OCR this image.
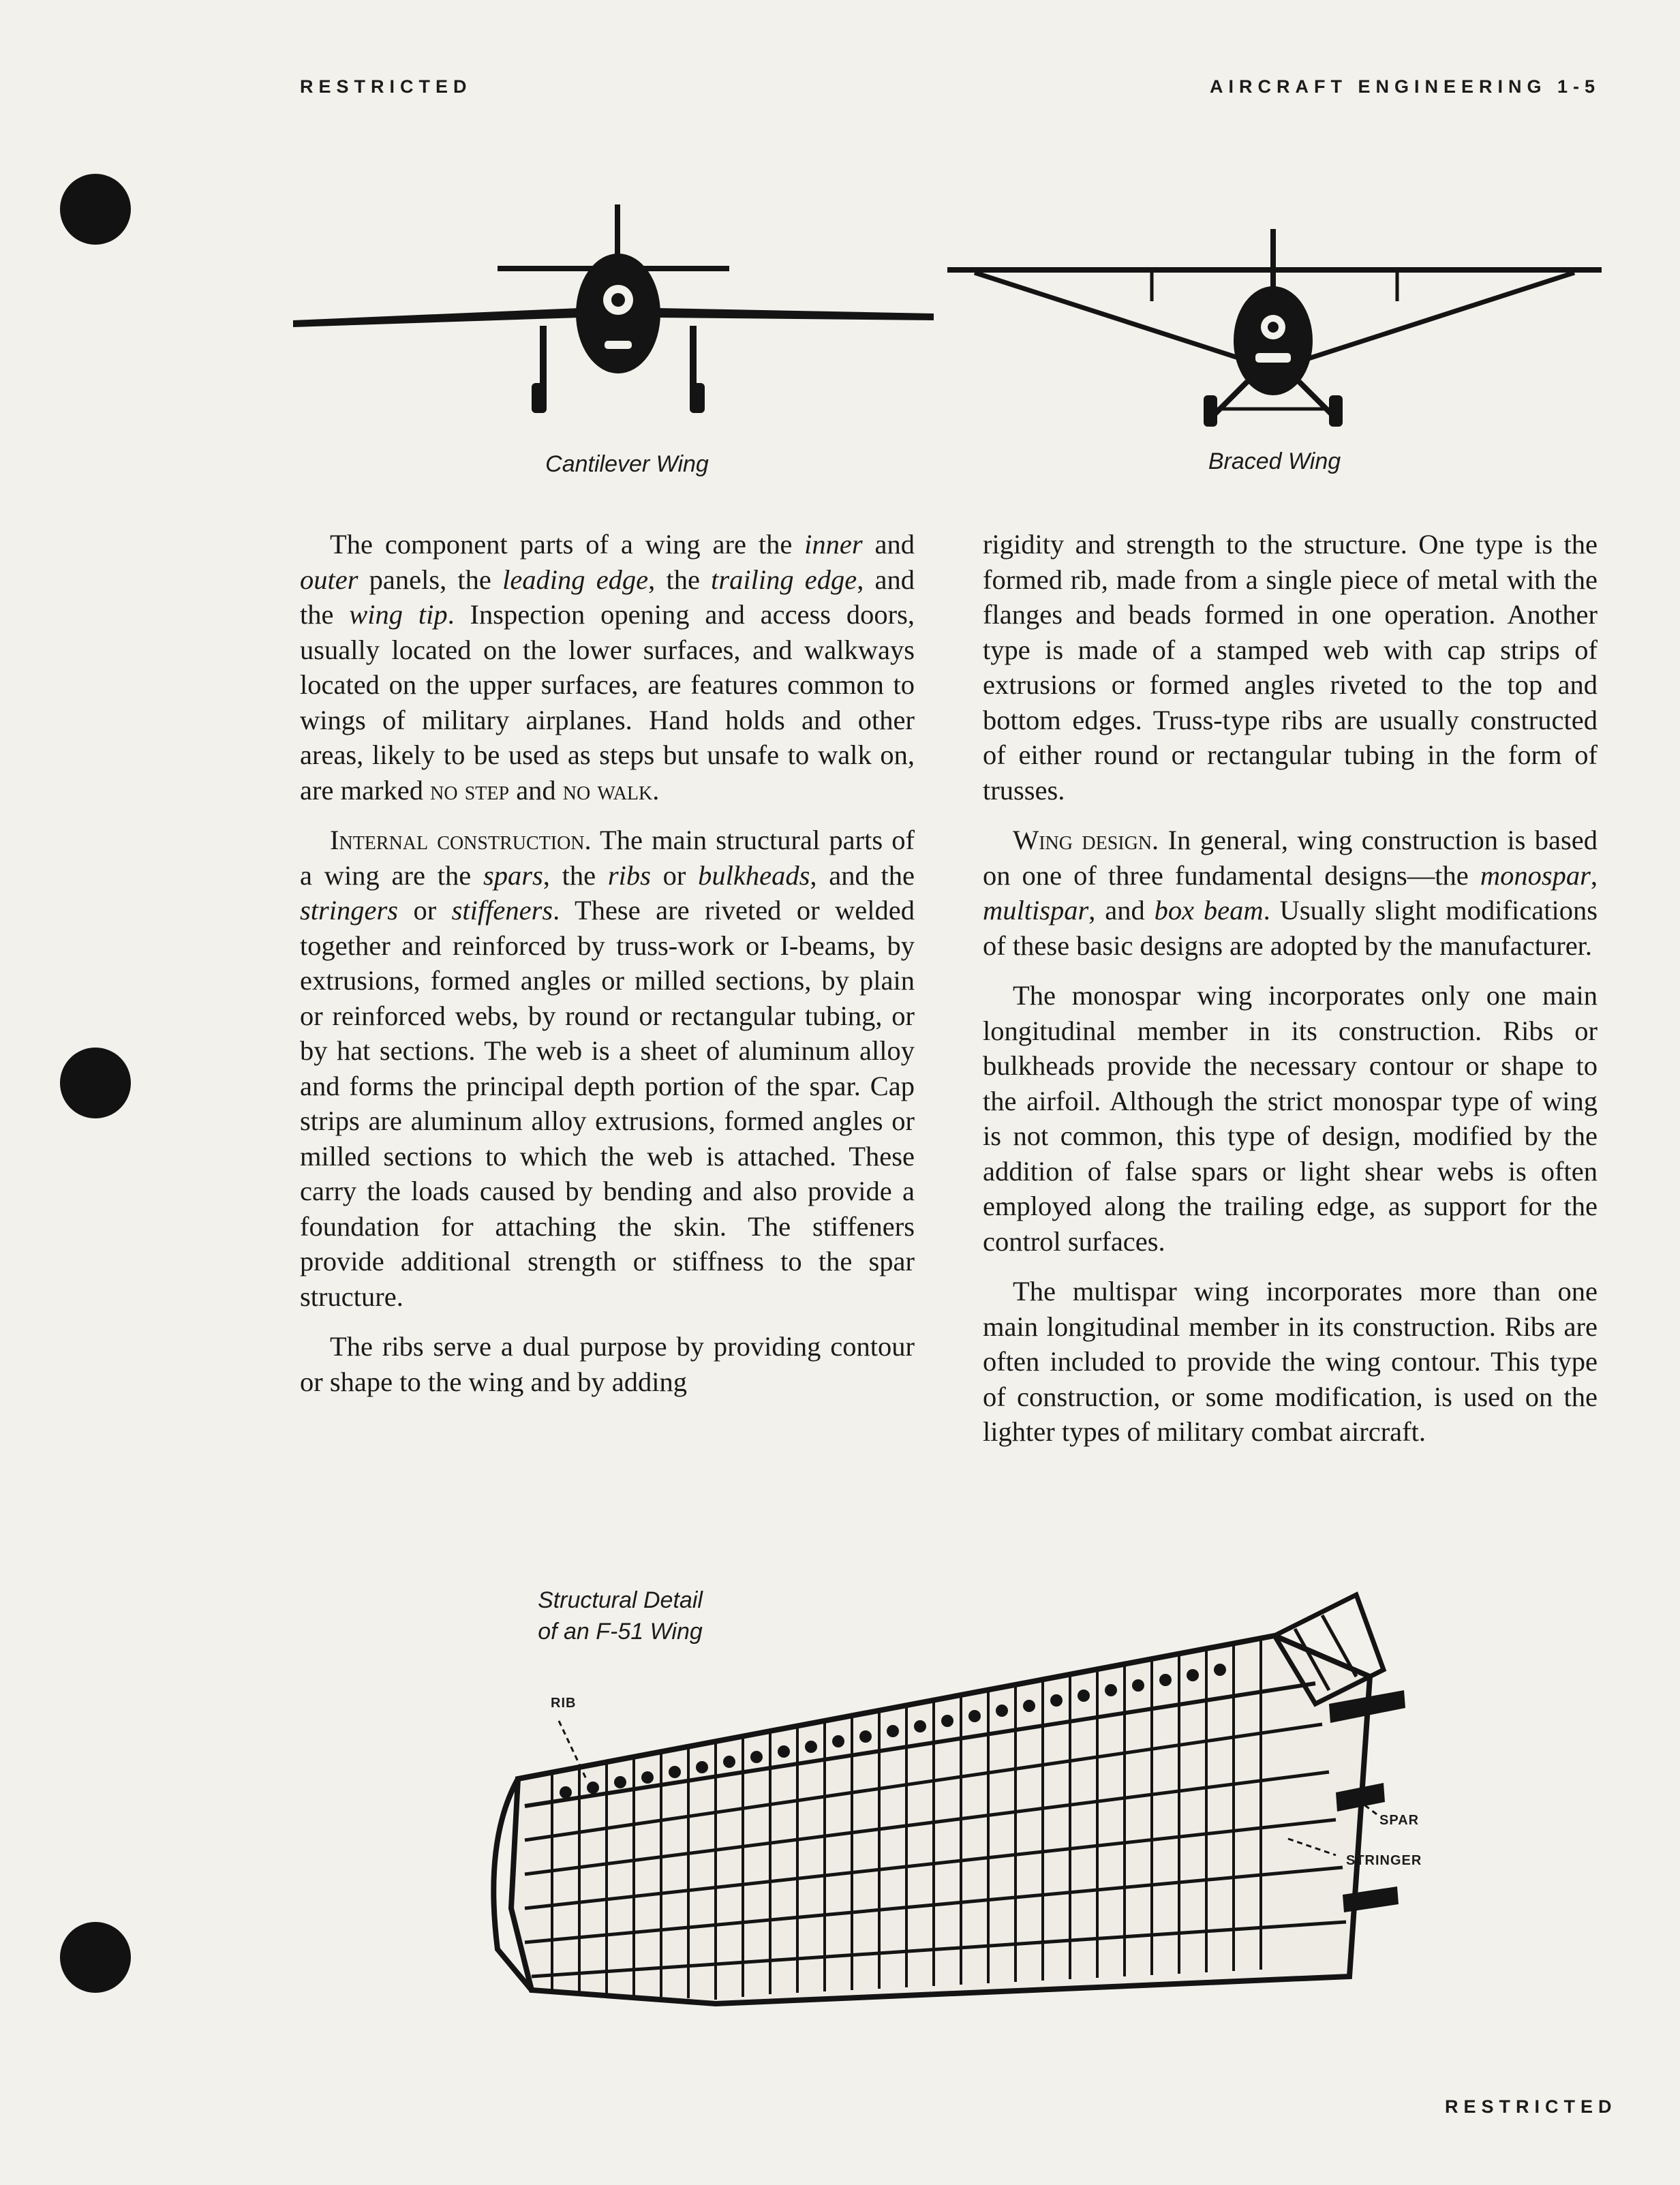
RESTRICTED	AIRCRAFT ENGINEERING 1-5
Cantilever Wing	Braced Wing

The component parts of a wing are the inner and outer panels, the leading edge, the trailing edge, and the wing tip. Inspection opening and access doors, usually located on the lower surfaces, and walkways located on the upper surfaces, are features common to wings of military airplanes. Hand holds and other areas, likely to be used as steps but unsafe to walk on, are marked no step and no walk.

Internal construction. The main structural parts of a wing are the spars, the ribs or bulkheads, and the stringers or stiffeners. These are riveted or welded together and reinforced by truss-work or I-beams, by extrusions, formed angles or milled sections, by plain or reinforced webs, by round or rectangular tubing, or by hat sections. The web is a sheet of aluminum alloy and forms the principal depth portion of the spar. Cap strips are aluminum alloy extrusions, formed angles or milled sections to which the web is attached. These carry the loads caused by bending and also provide a foundation for attaching the skin. The stiffeners provide additional strength or stiffness to the spar structure.

The ribs serve a dual purpose by providing contour or shape to the wing and by adding

rigidity and strength to the structure. One type is the formed rib, made from a single piece of metal with the flanges and beads formed in one operation. Another type is made of a stamped web with cap strips of extrusions or formed angles riveted to the top and bottom edges. Truss-type ribs are usually constructed of either round or rectangular tubing in the form of trusses.

Wing design. In general, wing construction is based on one of three fundamental designs—the monospar, multispar, and box beam. Usually slight modifications of these basic designs are adopted by the manufacturer.

The monospar wing incorporates only one main longitudinal member in its construction. Ribs or bulkheads provide the necessary contour or shape to the airfoil. Although the strict monospar type of wing is not common, this type of design, modified by the addition of false spars or light shear webs is often employed along the trailing edge, as support for the control surfaces.

The multispar wing incorporates more than one main longitudinal member in its construction. Ribs are often included to provide the wing contour. This type of construction, or some modification, is used on the lighter types of military combat aircraft.

Structural Detail
of an F-51 Wing
RIB
SPAR
STRINGER
RESTRICTED
